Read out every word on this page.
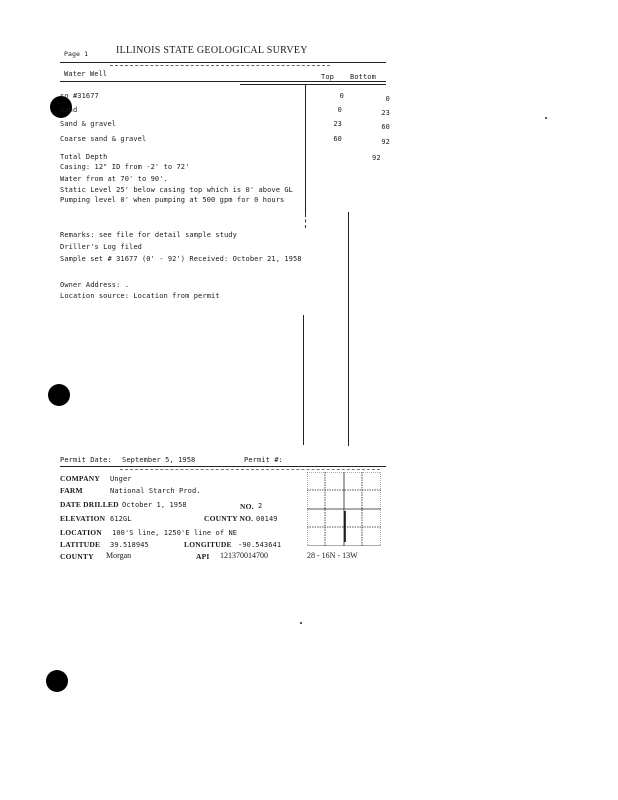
Page 1	ILLINOIS STATE GEOLOGICAL SURVEY
Water Well	Top Bottom
so #31677	0	0
Sand	0	23
Sand & gravel	23	60
Coarse sand & gravel	60	92
Total Depth	92
Casing: 12" ID from -2' to 72'
Water from at 70' to 90'.
Static Level 25' below casing top which is 0' above GL
Pumping level 0' when pumping at 500 gpm for 0 hours
Remarks: see file for detail sample study
Driller's Log filed
Sample set # 31677 (0' - 92') Received: October 21, 1958
Owner Address: .
Location source: Location from permit
Permit Date: September 5, 1958	Permit #:
COMPANY Unger
FARM	National Starch Prod.
DATE DRILLED October 1, 1958	NO. 2
ELEVATION 612GL	COUNTY NO. 00149
LOCATION 100'S line, 1250'E line of NE
LATITUDE 39.518945	LONGITUDE -90.543641
COUNTY Morgan	API 121370014700	28 - 16N - 13W
